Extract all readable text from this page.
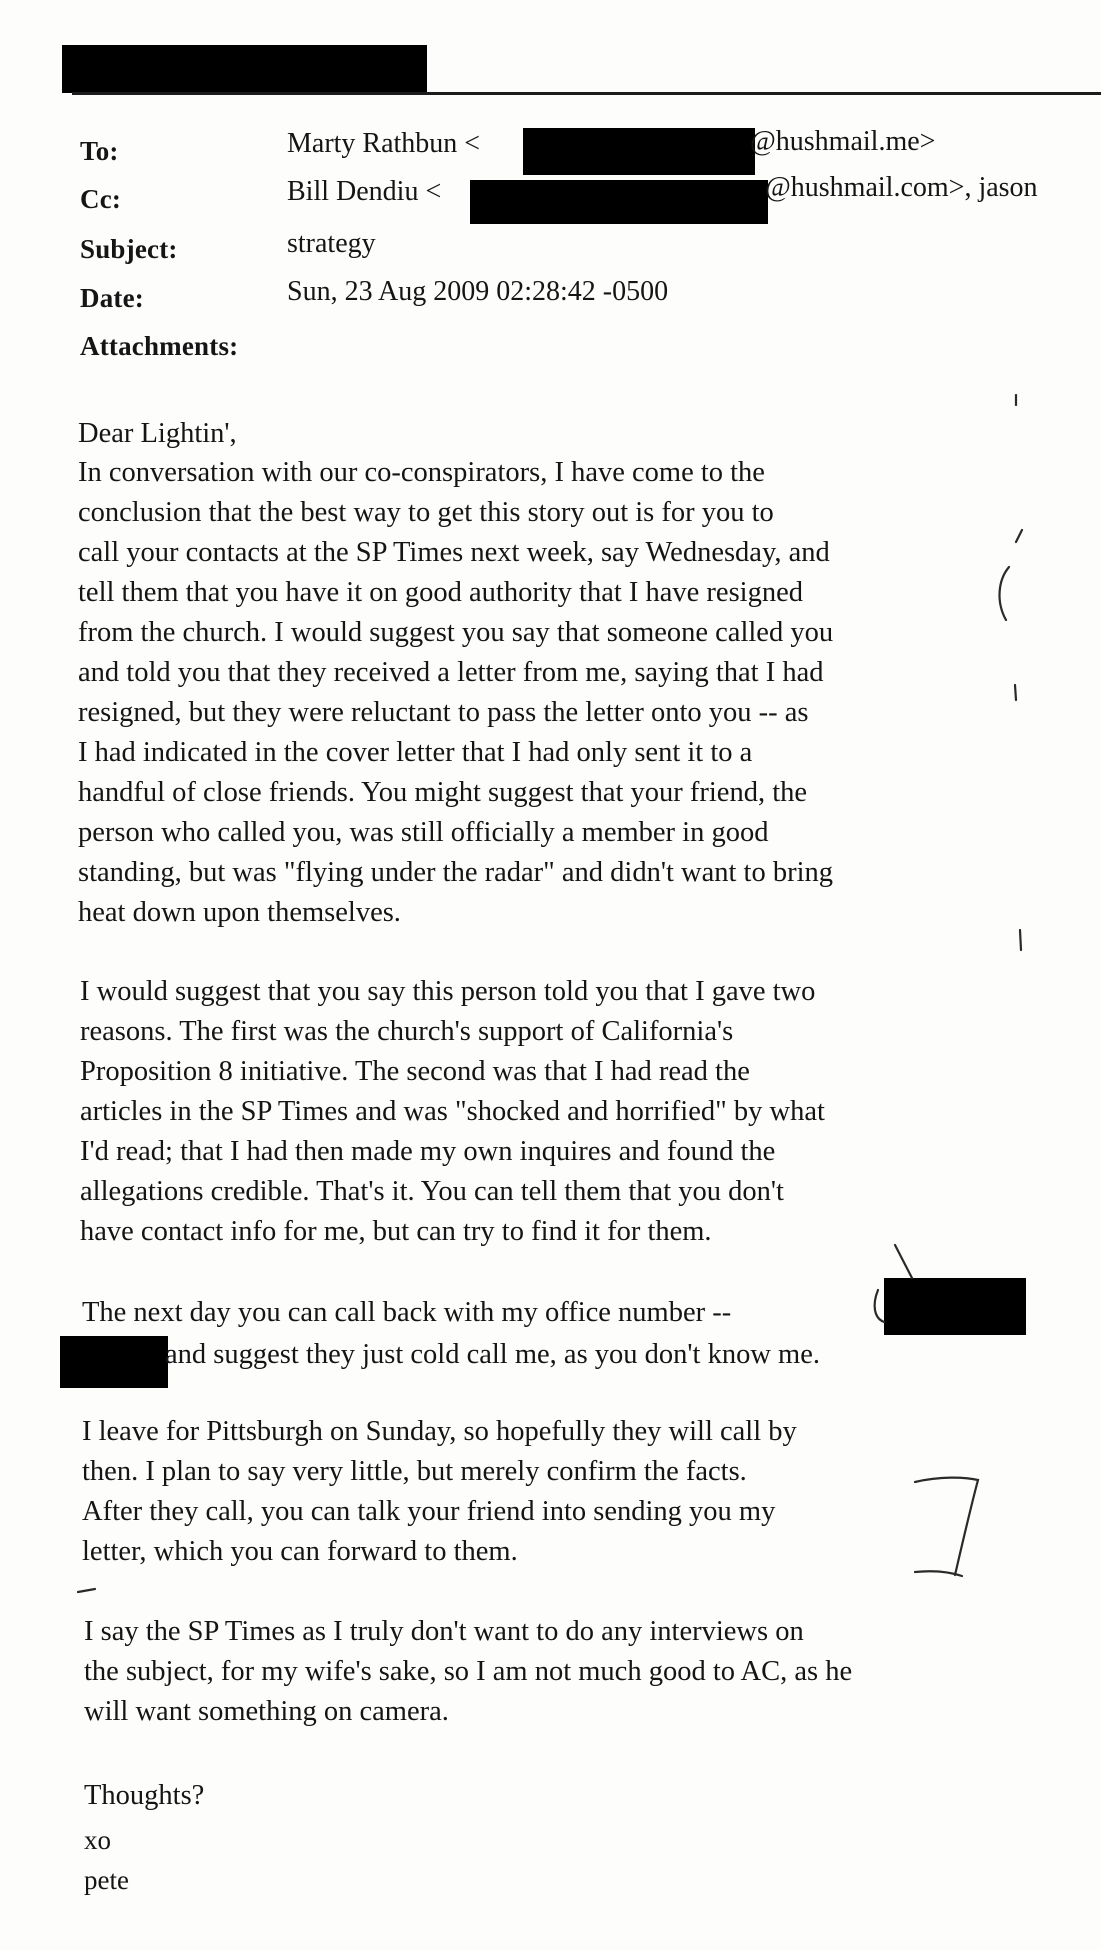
To:	Marty Rathbun <	@hushmail.me>
Cc:	Bill Dendiu <	@hushmail.com>, jason
Subject:	strategy
Date:	Sun, 23 Aug 2009 02:28:42 -0500
Attachments:
Dear Lightin',
In conversation with our co-conspirators, I have come to the
conclusion that the best way to get this story out is for you to
call your contacts at the SP Times next week, say Wednesday, and
tell them that you have it on good authority that I have resigned
from the church. I would suggest you say that someone called you
and told you that they received a letter from me, saying that I had
resigned, but they were reluctant to pass the letter onto you -- as
I had indicated in the cover letter that I had only sent it to a
handful of close friends. You might suggest that your friend, the
person who called you, was still officially a member in good
standing, but was "flying under the radar" and didn't want to bring
heat down upon themselves.
I would suggest that you say this person told you that I gave two
reasons. The first was the church's support of California's
Proposition 8 initiative. The second was that I had read the
articles in the SP Times and was "shocked and horrified" by what
I'd read; that I had then made my own inquires and found the
allegations credible. That's it. You can tell them that you don't
have contact info for me, but can try to find it for them.
The next day you can call back with my office number --
and suggest they just cold call me, as you don't know me.
I leave for Pittsburgh on Sunday, so hopefully they will call by
then. I plan to say very little, but merely confirm the facts.
After they call, you can talk your friend into sending you my
letter, which you can forward to them.
I say the SP Times as I truly don't want to do any interviews on
the subject, for my wife's sake, so I am not much good to AC, as he
will want something on camera.
Thoughts?
xo
pete
